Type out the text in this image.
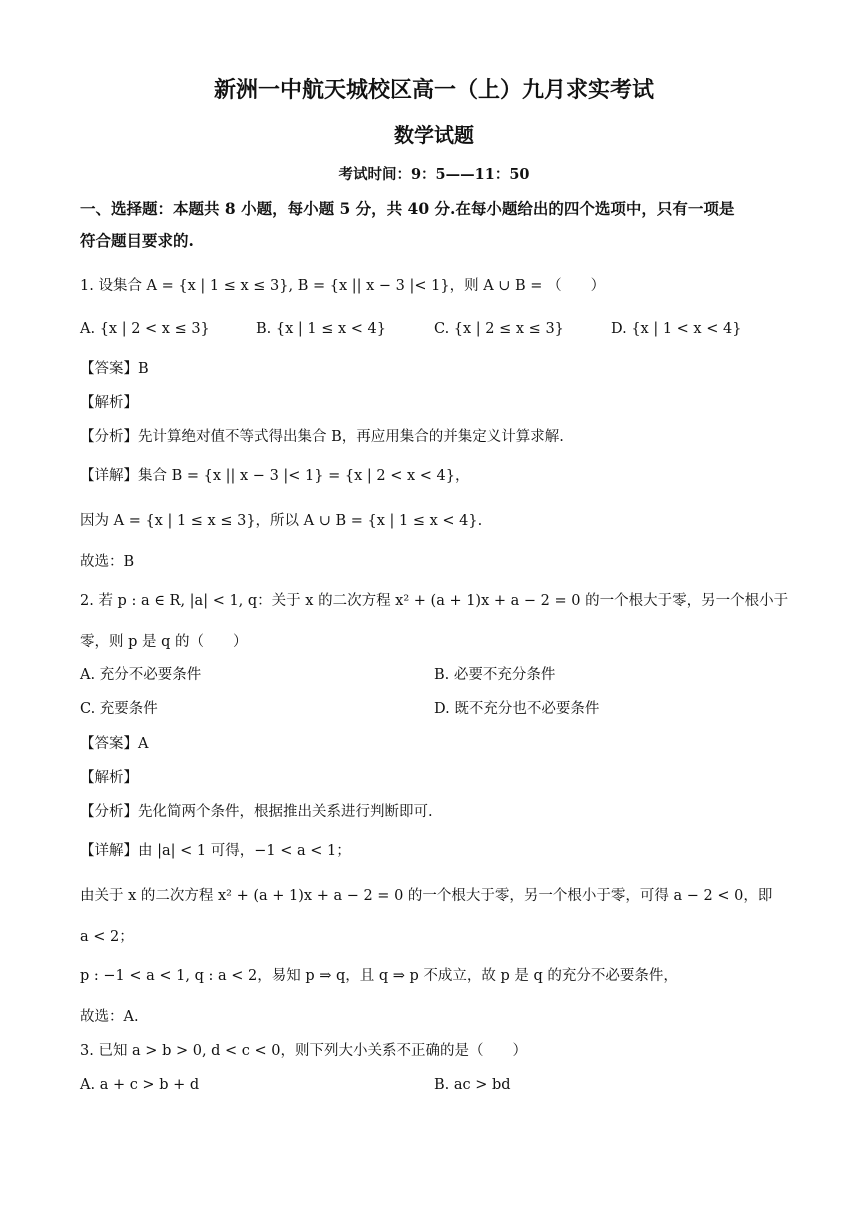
新洲一中航天城校区高一（上）九月求实考试
数学试题
考试时间：9：5——11：50
一、选择题：本题共 8 小题，每小题 5 分，共 40 分.在每小题给出的四个选项中，只有一项是
符合题目要求的.
1. 设集合 A = {x | 1 ≤ x ≤ 3}, B = {x || x − 3 |< 1}，则 A ∪ B = （　　）
A. {x | 2 < x ≤ 3}	B. {x | 1 ≤ x < 4}	C. {x | 2 ≤ x ≤ 3}	D. {x | 1 < x < 4}
【答案】B
【解析】
【分析】先计算绝对值不等式得出集合 B，再应用集合的并集定义计算求解.
【详解】集合 B = {x || x − 3 |< 1} = {x | 2 < x < 4}，
因为 A = {x | 1 ≤ x ≤ 3}，所以 A ∪ B = {x | 1 ≤ x < 4}.
故选：B
2. 若 p : a ∈ R, |a| < 1, q：关于 x 的二次方程 x² + (a + 1)x + a − 2 = 0 的一个根大于零，另一个根小于
零，则 p 是 q 的（　　）
A. 充分不必要条件	B. 必要不充分条件
C. 充要条件	D. 既不充分也不必要条件
【答案】A
【解析】
【分析】先化简两个条件，根据推出关系进行判断即可.
【详解】由 |a| < 1 可得，−1 < a < 1；
由关于 x 的二次方程 x² + (a + 1)x + a − 2 = 0 的一个根大于零，另一个根小于零，可得 a − 2 < 0，即
a < 2；
p : −1 < a < 1, q : a < 2，易知 p ⇒ q，且 q ⇒ p 不成立，故 p 是 q 的充分不必要条件，
故选：A.
3. 已知 a > b > 0, d < c < 0，则下列大小关系不正确的是（　　）
A. a + c > b + d	B. ac > bd
